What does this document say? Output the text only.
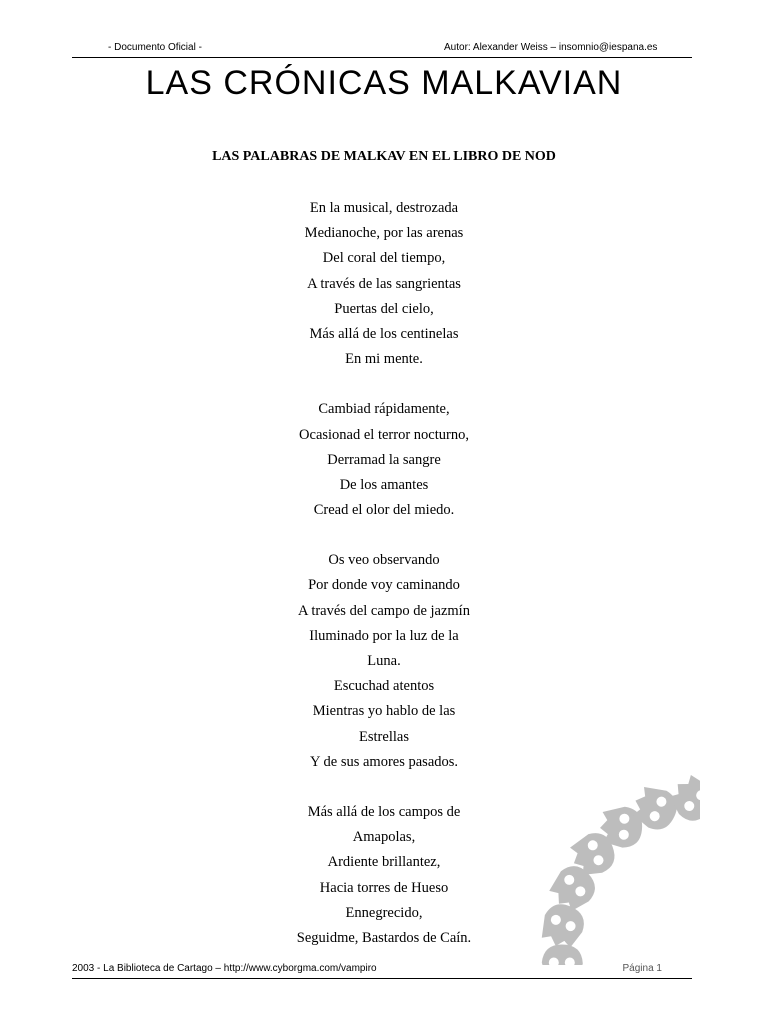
- Documento Oficial -	Autor: Alexander Weiss – insomnio@iespana.es
LAS CRÓNICAS MALKAVIAN
LAS PALABRAS DE MALKAV EN EL LIBRO DE NOD
En la musical, destrozada
Medianoche, por las arenas
Del coral del tiempo,
A través de las sangrientas
Puertas del cielo,
Más allá de los centinelas
En mi mente.
Cambiad rápidamente,
Ocasionad el terror nocturno,
Derramad la sangre
De los amantes
Cread el olor del miedo.
Os veo observando
Por donde voy caminando
A través del campo de jazmín
Iluminado por la luz de la
Luna.
Escuchad atentos
Mientras yo hablo de las
Estrellas
Y de sus amores pasados.
Más allá de los campos de
Amapolas,
Ardiente brillantez,
Hacia torres de Hueso
Ennegrecido,
Seguidme, Bastardos de Caín.
2003 - La Biblioteca de Cartago – http://www.cyborgma.com/vampiro	Página 1
